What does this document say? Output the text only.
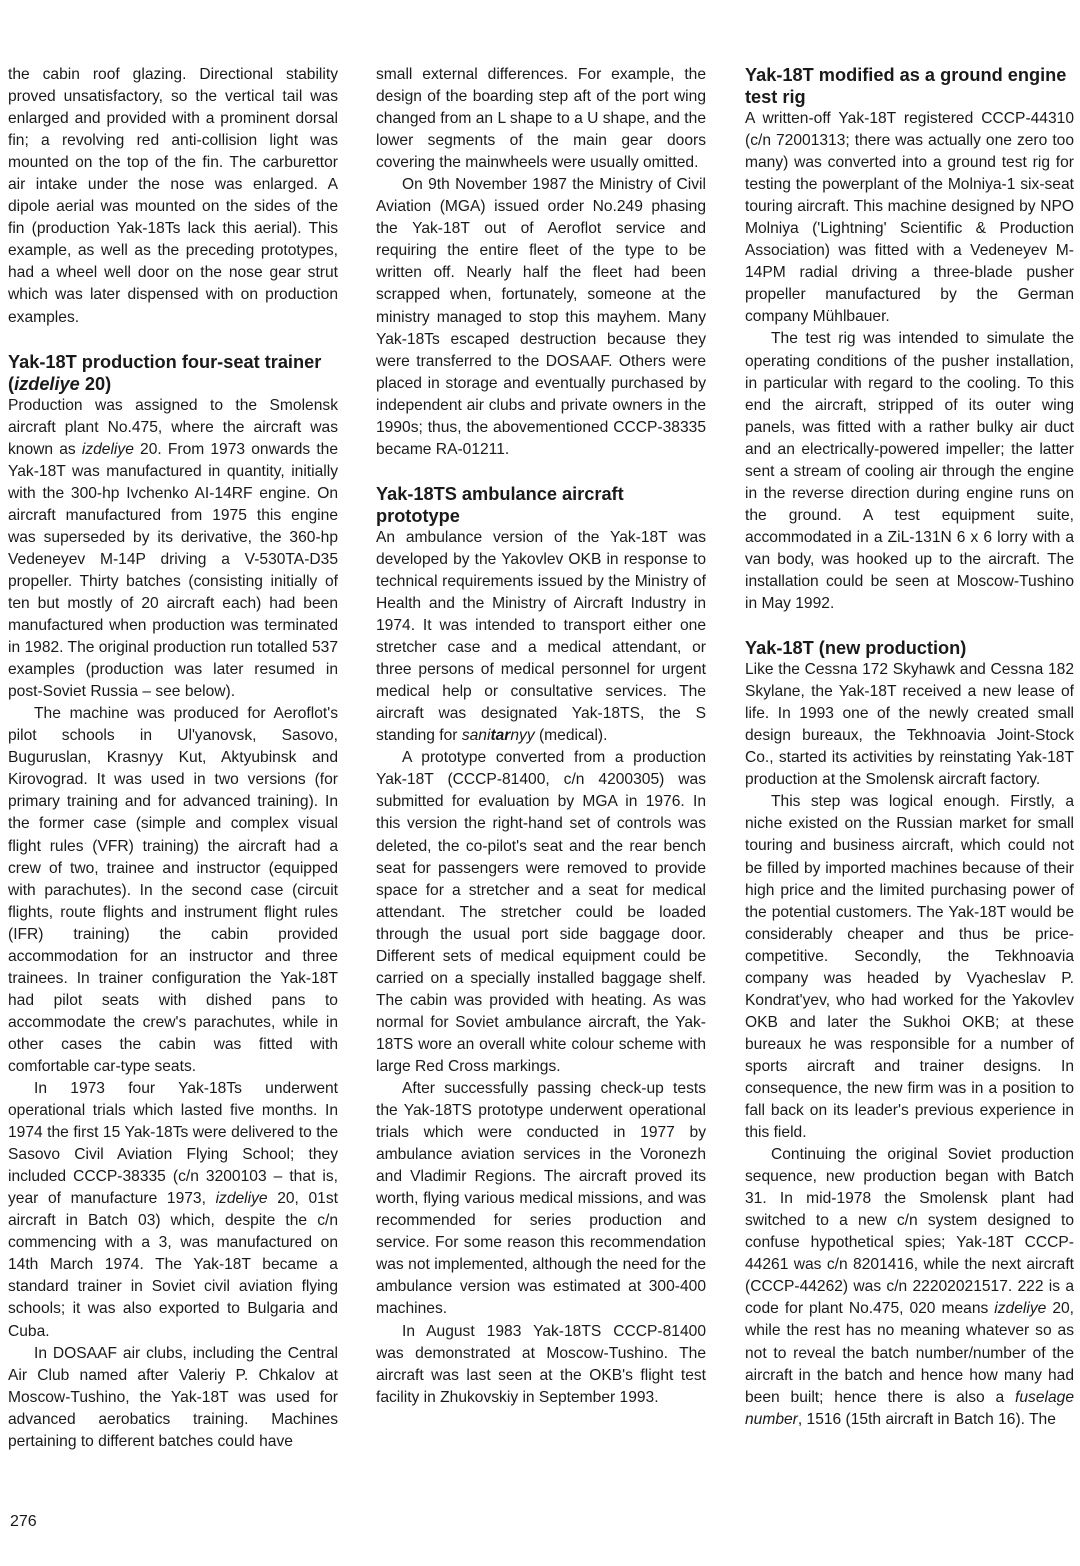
the cabin roof glazing. Directional stability proved unsatisfactory, so the vertical tail was enlarged and provided with a prominent dorsal fin; a revolving red anti-collision light was mounted on the top of the fin. The carburettor air intake under the nose was enlarged. A dipole aerial was mounted on the sides of the fin (production Yak-18Ts lack this aerial). This example, as well as the preceding prototypes, had a wheel well door on the nose gear strut which was later dispensed with on production examples.

Yak-18T production four-seat trainer (izdeliye 20)

Production was assigned to the Smolensk aircraft plant No.475, where the aircraft was known as izdeliye 20. From 1973 onwards the Yak-18T was manufactured in quantity, initially with the 300-hp Ivchenko AI-14RF engine. On aircraft manufactured from 1975 this engine was superseded by its derivative, the 360-hp Vedeneyev M-14P driving a V-530TA-D35 propeller. Thirty batches (consisting initially of ten but mostly of 20 aircraft each) had been manufactured when production was terminated in 1982. The original production run totalled 537 examples (production was later resumed in post-Soviet Russia – see below).

The machine was produced for Aeroflot's pilot schools in Ul'yanovsk, Sasovo, Buguruslan, Krasnyy Kut, Aktyubinsk and Kirovograd. It was used in two versions (for primary training and for advanced training). In the former case (simple and complex visual flight rules (VFR) training) the aircraft had a crew of two, trainee and instructor (equipped with parachutes). In the second case (circuit flights, route flights and instrument flight rules (IFR) training) the cabin provided accommodation for an instructor and three trainees. In trainer configuration the Yak-18T had pilot seats with dished pans to accommodate the crew's parachutes, while in other cases the cabin was fitted with comfortable car-type seats.

In 1973 four Yak-18Ts underwent operational trials which lasted five months. In 1974 the first 15 Yak-18Ts were delivered to the Sasovo Civil Aviation Flying School; they included CCCP-38335 (c/n 3200103 – that is, year of manufacture 1973, izdeliye 20, 01st aircraft in Batch 03) which, despite the c/n commencing with a 3, was manufactured on 14th March 1974. The Yak-18T became a standard trainer in Soviet civil aviation flying schools; it was also exported to Bulgaria and Cuba.

In DOSAAF air clubs, including the Central Air Club named after Valeriy P. Chkalov at Moscow-Tushino, the Yak-18T was used for advanced aerobatics training. Machines pertaining to different batches could have

small external differences. For example, the design of the boarding step aft of the port wing changed from an L shape to a U shape, and the lower segments of the main gear doors covering the mainwheels were usually omitted.

On 9th November 1987 the Ministry of Civil Aviation (MGA) issued order No.249 phasing the Yak-18T out of Aeroflot service and requiring the entire fleet of the type to be written off. Nearly half the fleet had been scrapped when, fortunately, someone at the ministry managed to stop this mayhem. Many Yak-18Ts escaped destruction because they were transferred to the DOSAAF. Others were placed in storage and eventually purchased by independent air clubs and private owners in the 1990s; thus, the abovementioned CCCP-38335 became RA-01211.

Yak-18TS ambulance aircraft prototype

An ambulance version of the Yak-18T was developed by the Yakovlev OKB in response to technical requirements issued by the Ministry of Health and the Ministry of Aircraft Industry in 1974. It was intended to transport either one stretcher case and a medical attendant, or three persons of medical personnel for urgent medical help or consultative services. The aircraft was designated Yak-18TS, the S standing for sanitarnyy (medical).

A prototype converted from a production Yak-18T (CCCP-81400, c/n 4200305) was submitted for evaluation by MGA in 1976. In this version the right-hand set of controls was deleted, the co-pilot's seat and the rear bench seat for passengers were removed to provide space for a stretcher and a seat for medical attendant. The stretcher could be loaded through the usual port side baggage door. Different sets of medical equipment could be carried on a specially installed baggage shelf. The cabin was provided with heating. As was normal for Soviet ambulance aircraft, the Yak-18TS wore an overall white colour scheme with large Red Cross markings.

After successfully passing check-up tests the Yak-18TS prototype underwent operational trials which were conducted in 1977 by ambulance aviation services in the Voronezh and Vladimir Regions. The aircraft proved its worth, flying various medical missions, and was recommended for series production and service. For some reason this recommendation was not implemented, although the need for the ambulance version was estimated at 300-400 machines.

In August 1983 Yak-18TS CCCP-81400 was demonstrated at Moscow-Tushino. The aircraft was last seen at the OKB's flight test facility in Zhukovskiy in September 1993.

Yak-18T modified as a ground engine test rig

A written-off Yak-18T registered CCCP-44310 (c/n 72001313; there was actually one zero too many) was converted into a ground test rig for testing the powerplant of the Molniya-1 six-seat touring aircraft. This machine designed by NPO Molniya ('Lightning' Scientific & Production Association) was fitted with a Vedeneyev M-14PM radial driving a three-blade pusher propeller manufactured by the German company Mühlbauer.

The test rig was intended to simulate the operating conditions of the pusher installation, in particular with regard to the cooling. To this end the aircraft, stripped of its outer wing panels, was fitted with a rather bulky air duct and an electrically-powered impeller; the latter sent a stream of cooling air through the engine in the reverse direction during engine runs on the ground. A test equipment suite, accommodated in a ZiL-131N 6 x 6 lorry with a van body, was hooked up to the aircraft. The installation could be seen at Moscow-Tushino in May 1992.

Yak-18T (new production)

Like the Cessna 172 Skyhawk and Cessna 182 Skylane, the Yak-18T received a new lease of life. In 1993 one of the newly created small design bureaux, the Tekhnoavia Joint-Stock Co., started its activities by reinstating Yak-18T production at the Smolensk aircraft factory.

This step was logical enough. Firstly, a niche existed on the Russian market for small touring and business aircraft, which could not be filled by imported machines because of their high price and the limited purchasing power of the potential customers. The Yak-18T would be considerably cheaper and thus be price-competitive. Secondly, the Tekhnoavia company was headed by Vyacheslav P. Kondrat'yev, who had worked for the Yakovlev OKB and later the Sukhoi OKB; at these bureaux he was responsible for a number of sports aircraft and trainer designs. In consequence, the new firm was in a position to fall back on its leader's previous experience in this field.

Continuing the original Soviet production sequence, new production began with Batch 31. In mid-1978 the Smolensk plant had switched to a new c/n system designed to confuse hypothetical spies; Yak-18T CCCP-44261 was c/n 8201416, while the next aircraft (CCCP-44262) was c/n 22202021517. 222 is a code for plant No.475, 020 means izdeliye 20, while the rest has no meaning whatever so as not to reveal the batch number/number of the aircraft in the batch and hence how many had been built; hence there is also a fuselage number, 1516 (15th aircraft in Batch 16). The

276
